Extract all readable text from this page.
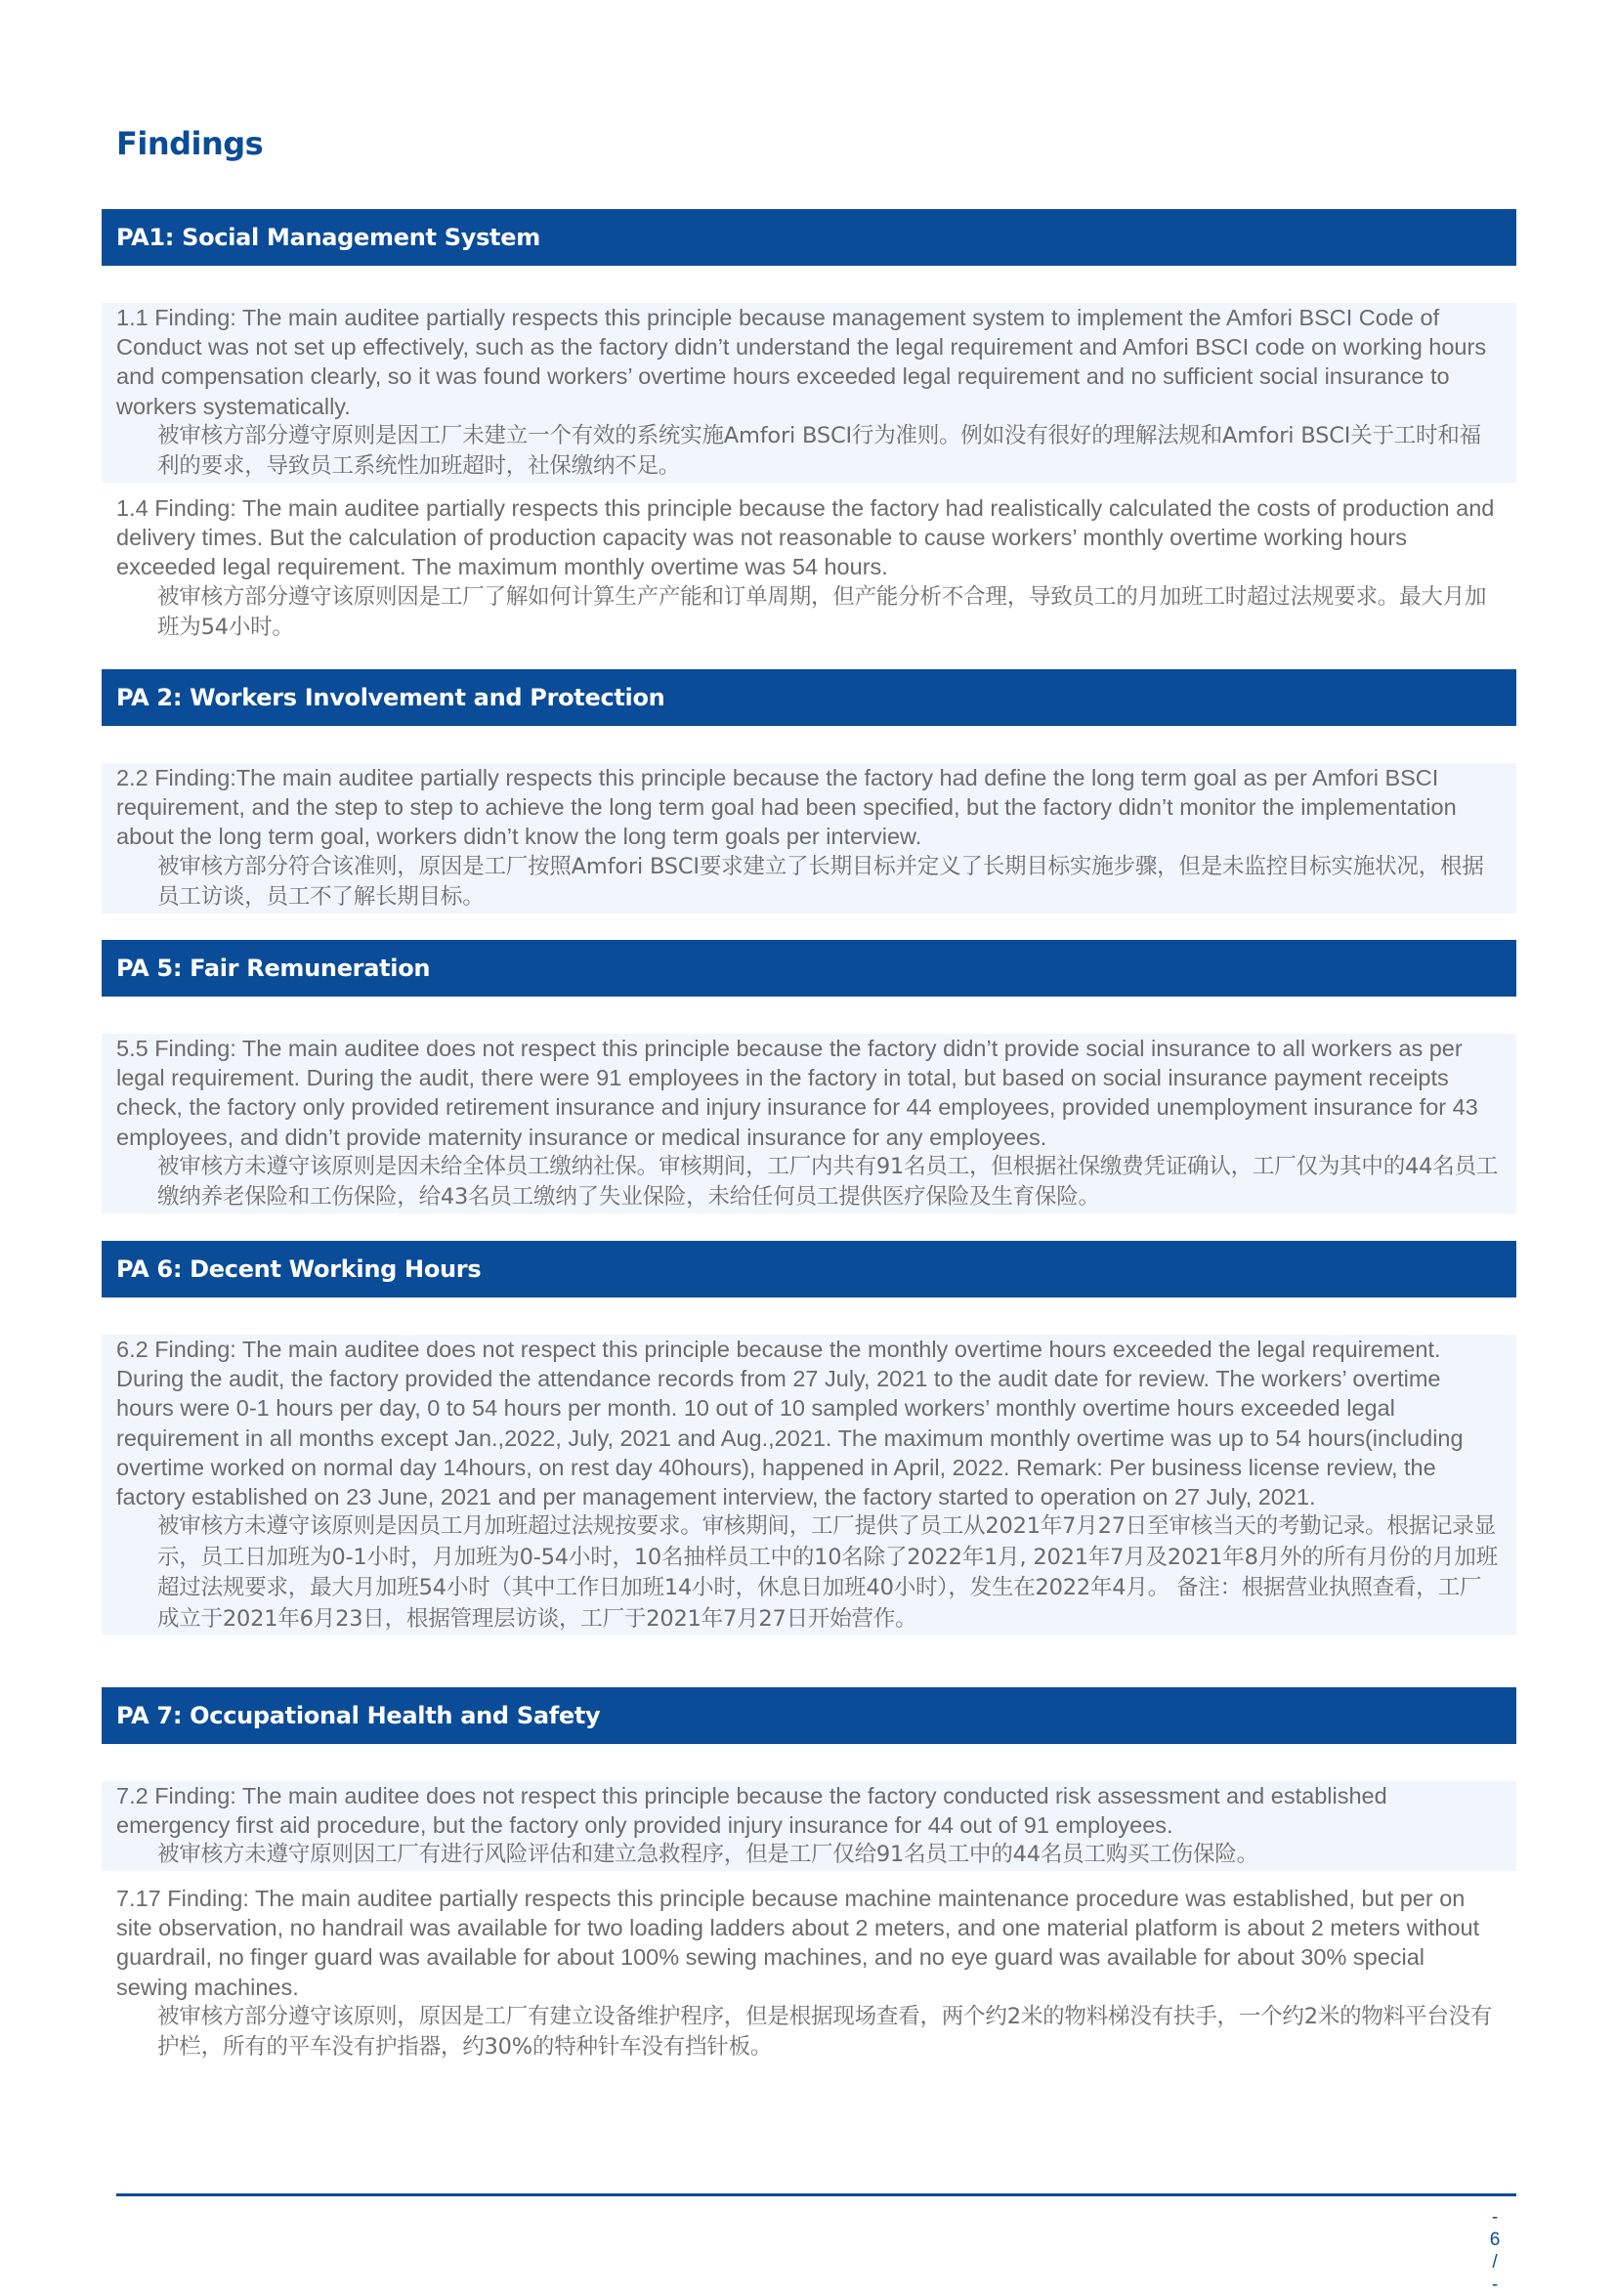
Findings
PA1: Social Management System

1.1 Finding: The main auditee partially respects this principle because management system to implement the Amfori BSCI Code of Conduct was not set up effectively, such as the factory didn’t understand the legal requirement and Amfori BSCI code on working hours and compensation clearly, so it was found workers’ overtime hours exceeded legal requirement and no sufficient social insurance to workers systematically.

被审核方部分遵守原则是因工厂未建立一个有效的系统实施Amfori BSCI行为准则。例如没有很好的理解法规和Amfori BSCI关于工时和福利的要求，导致员工系统性加班超时，社保缴纳不足。

1.4 Finding: The main auditee partially respects this principle because the factory had realistically calculated the costs of production and delivery times. But the calculation of production capacity was not reasonable to cause workers’ monthly overtime working hours exceeded legal requirement. The maximum monthly overtime was 54 hours.

被审核方部分遵守该原则因是工厂了解如何计算生产产能和订单周期，但产能分析不合理，导致员工的月加班工时超过法规要求。最大月加班为54小时。

PA 2: Workers Involvement and Protection

2.2 Finding:The main auditee partially respects this principle because the factory had define the long term goal as per Amfori BSCI requirement, and the step to step to achieve the long term goal had been specified, but the factory didn’t monitor the implementation about the long term goal, workers didn’t know the long term goals per interview.

被审核方部分符合该准则，原因是工厂按照Amfori BSCI要求建立了长期目标并定义了长期目标实施步骤，但是未监控目标实施状况，根据员工访谈，员工不了解长期目标。

PA 5: Fair Remuneration

5.5 Finding: The main auditee does not respect this principle because the factory didn’t provide social insurance to all workers as per legal requirement. During the audit, there were 91 employees in the factory in total, but based on social insurance payment receipts check, the factory only provided retirement insurance and injury insurance for 44 employees, provided unemployment insurance for 43 employees, and didn’t provide maternity insurance or medical insurance for any employees.

被审核方未遵守该原则是因未给全体员工缴纳社保。审核期间，工厂内共有91名员工，但根据社保缴费凭证确认，工厂仅为其中的44名员工缴纳养老保险和工伤保险，给43名员工缴纳了失业保险，未给任何员工提供医疗保险及生育保险。

PA 6: Decent Working Hours

6.2 Finding: The main auditee does not respect this principle because the monthly overtime hours exceeded the legal requirement. During the audit, the factory provided the attendance records from 27 July, 2021 to the audit date for review. The workers’ overtime hours were 0-1 hours per day, 0 to 54 hours per month. 10 out of 10 sampled workers’ monthly overtime hours exceeded legal requirement in all months except Jan.,2022, July, 2021 and Aug.,2021. The maximum monthly overtime was up to 54 hours(including overtime worked on normal day 14hours, on rest day 40hours), happened in April, 2022. Remark: Per business license review, the factory established on 23 June, 2021 and per management interview, the factory started to operation on 27 July, 2021.

被审核方未遵守该原则是因员工月加班超过法规按要求。审核期间，工厂提供了员工从2021年7月27日至审核当天的考勤记录。根据记录显示，员工日加班为0-1小时，月加班为0-54小时，10名抽样员工中的10名除了2022年1月, 2021年7月及2021年8月外的所有月份的月加班超过法规要求，最大月加班54小时（其中工作日加班14小时，休息日加班40小时），发生在2022年4月。 备注：根据营业执照查看，工厂成立于2021年6月23日，根据管理层访谈，工厂于2021年7月27日开始营作。

PA 7: Occupational Health and Safety

7.2 Finding: The main auditee does not respect this principle because the factory conducted risk assessment and established emergency first aid procedure, but the factory only provided injury insurance for 44 out of 91 employees.

被审核方未遵守原则因工厂有进行风险评估和建立急救程序，但是工厂仅给91名员工中的44名员工购买工伤保险。

7.17 Finding: The main auditee partially respects this principle because machine maintenance procedure was established, but per on site observation, no handrail was available for two loading ladders about 2 meters, and one material platform is about 2 meters without guardrail, no finger guard was available for about 100% sewing machines, and no eye guard was available for about 30% special sewing machines.

被审核方部分遵守该原则，原因是工厂有建立设备维护程序，但是根据现场查看，两个约2米的物料梯没有扶手，一个约2米的物料平台没有护栏，所有的平车没有护指器，约30%的特种针车没有挡针板。

-
6
/
-
